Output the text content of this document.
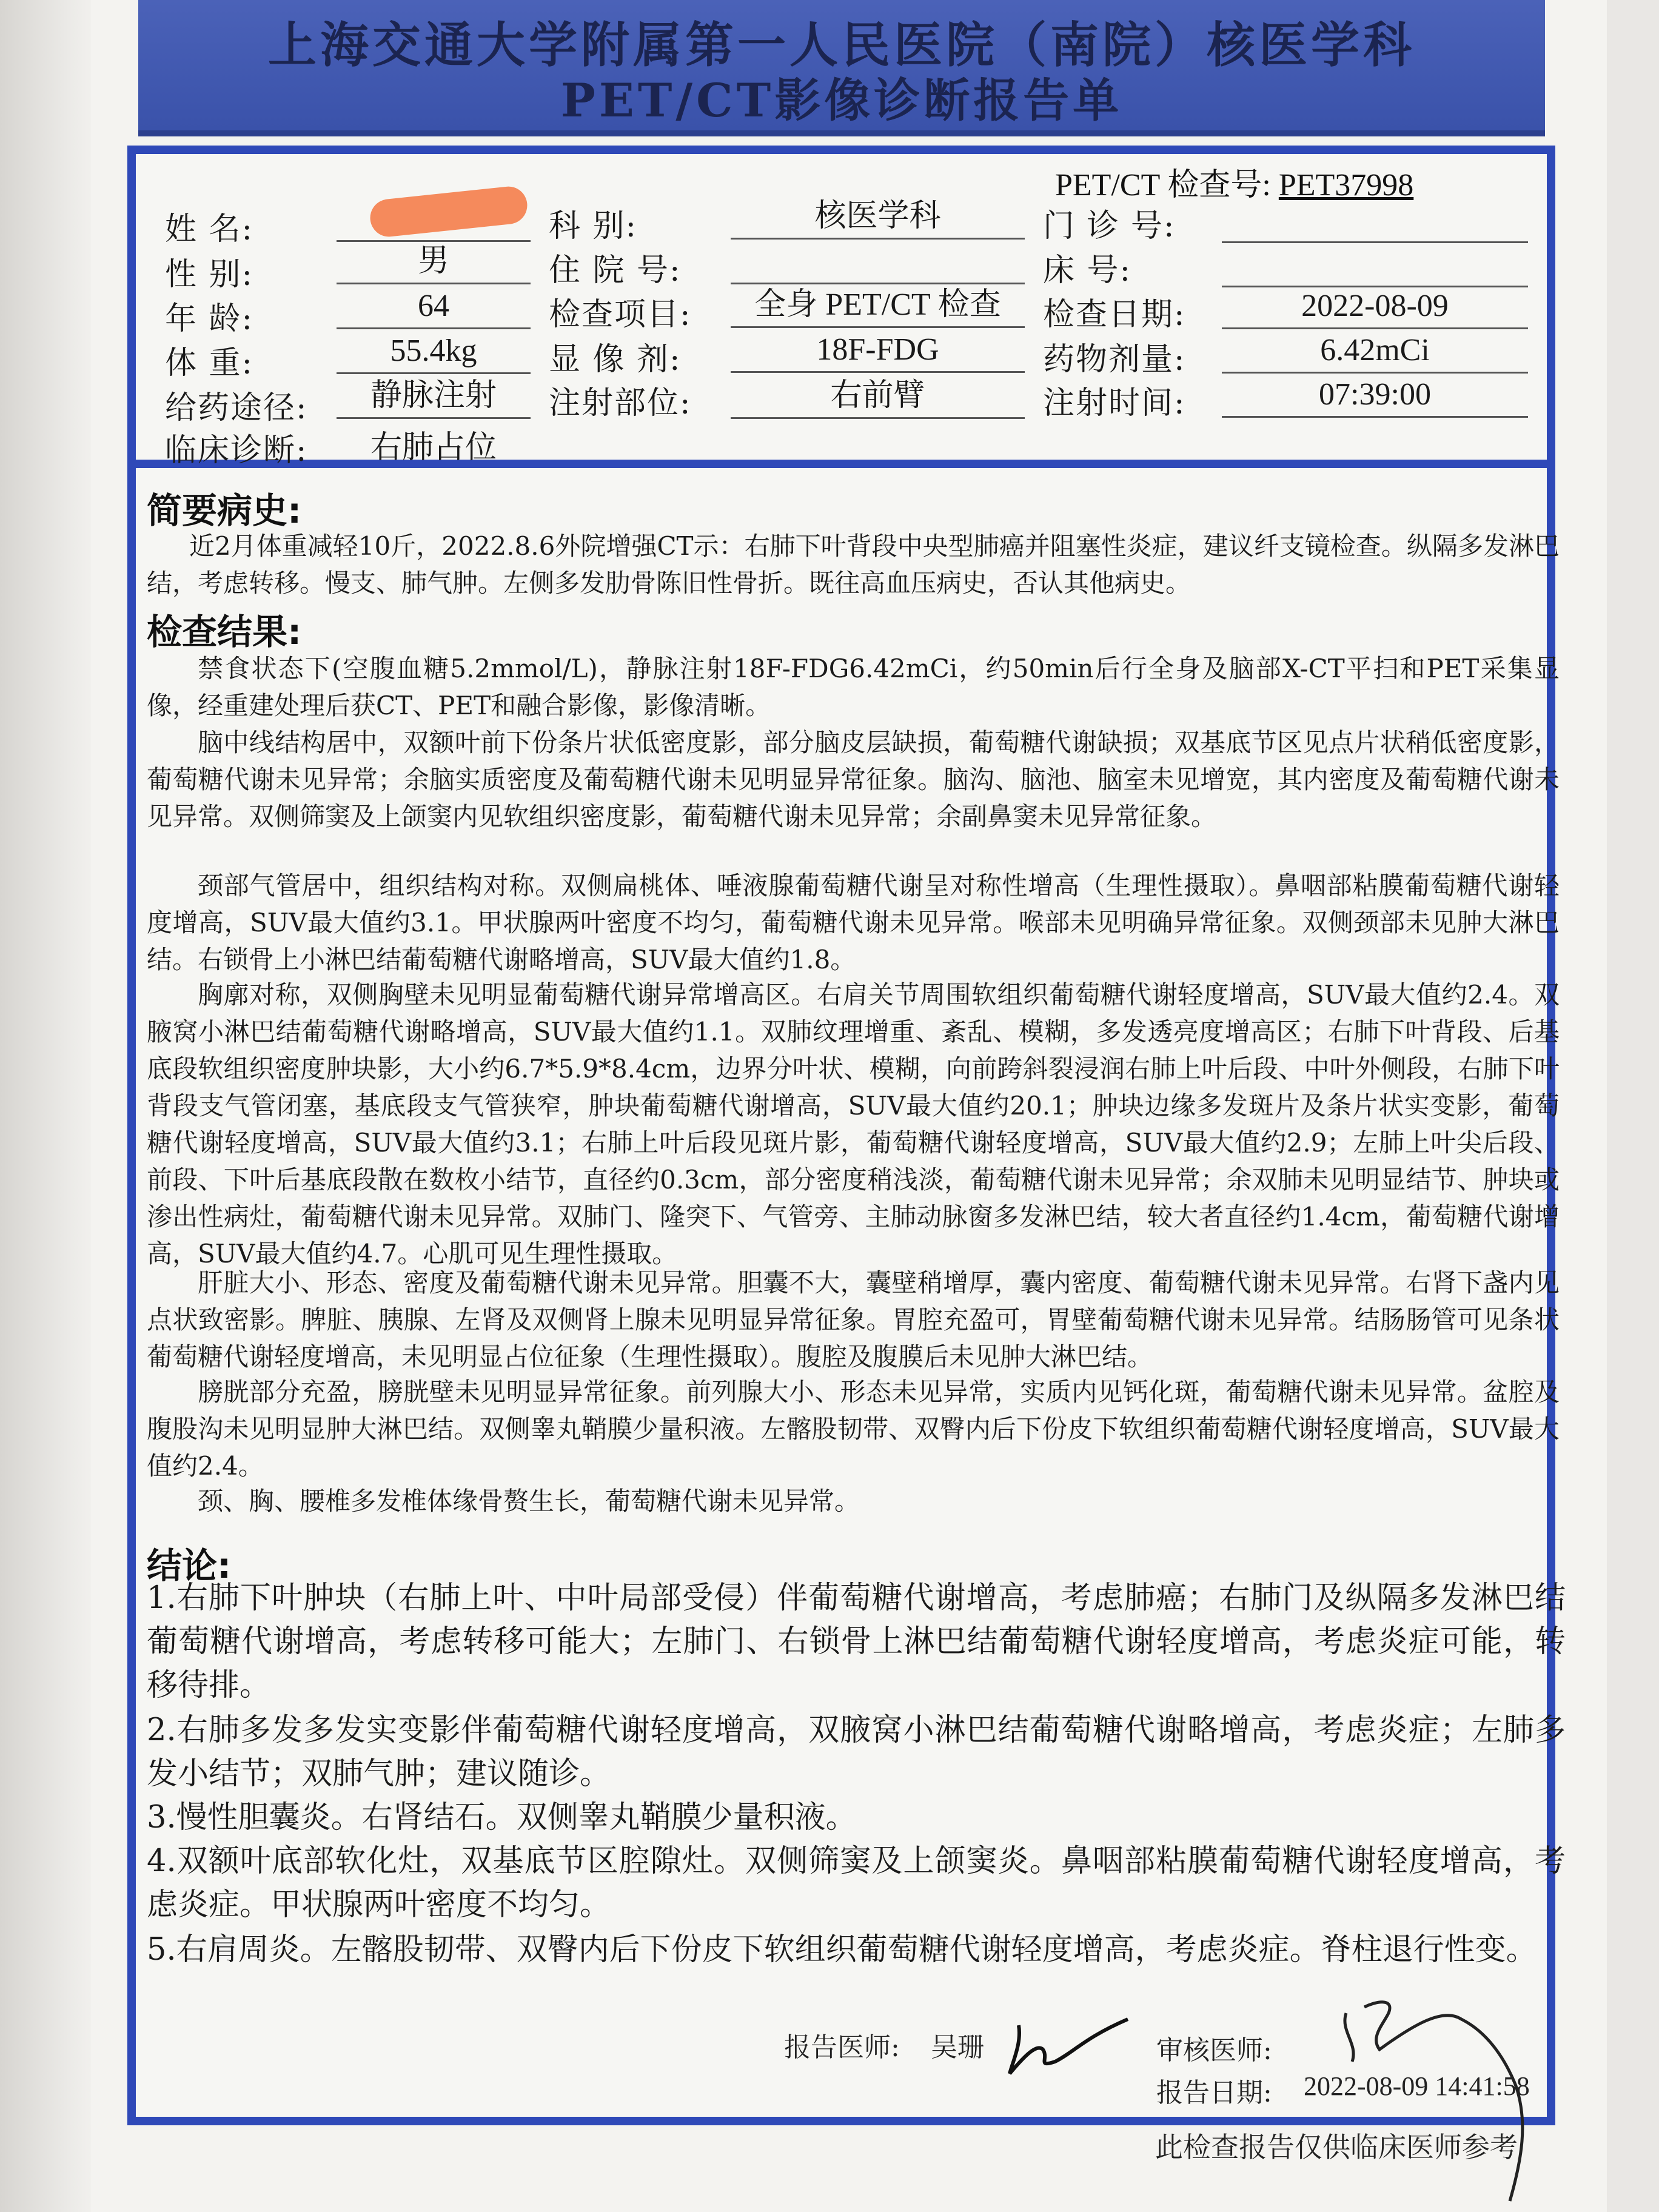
上海交通大学附属第一人民医院（南院）核医学科
PET/CT影像诊断报告单
PET/CT 检查号: PET37998
姓 名:	科 别:	核医学科	门 诊 号:
性 别:	男	住 院 号:	床 号:
年 龄:	64	检查项目:	全身 PET/CT 检查	检查日期:	2022-08-09
体 重:	55.4kg	显 像 剂:	18F-FDG	药物剂量:	6.42mCi
给药途径:	静脉注射	注射部位:	右前臂	注射时间:	07:39:00
临床诊断:	右肺占位
简要病史:
近2月体重减轻10斤，2022.8.6外院增强CT示：右肺下叶背段中央型肺癌并阻塞性炎症，建议纤支镜检查。纵隔多发淋巴结，考虑转移。慢支、肺气肿。左侧多发肋骨陈旧性骨折。既往高血压病史，否认其他病史。
检查结果:
禁食状态下(空腹血糖5.2mmol/L)，静脉注射18F-FDG6.42mCi，约50min后行全身及脑部X-CT平扫和PET采集显像，经重建处理后获CT、PET和融合影像，影像清晰。
脑中线结构居中，双额叶前下份条片状低密度影，部分脑皮层缺损，葡萄糖代谢缺损；双基底节区见点片状稍低密度影，葡萄糖代谢未见异常；余脑实质密度及葡萄糖代谢未见明显异常征象。脑沟、脑池、脑室未见增宽，其内密度及葡萄糖代谢未见异常。双侧筛窦及上颌窦内见软组织密度影，葡萄糖代谢未见异常；余副鼻窦未见异常征象。
颈部气管居中，组织结构对称。双侧扁桃体、唾液腺葡萄糖代谢呈对称性增高（生理性摄取）。鼻咽部粘膜葡萄糖代谢轻度增高，SUV最大值约3.1。甲状腺两叶密度不均匀，葡萄糖代谢未见异常。喉部未见明确异常征象。双侧颈部未见肿大淋巴结。右锁骨上小淋巴结葡萄糖代谢略增高，SUV最大值约1.8。
胸廓对称，双侧胸壁未见明显葡萄糖代谢异常增高区。右肩关节周围软组织葡萄糖代谢轻度增高，SUV最大值约2.4。双腋窝小淋巴结葡萄糖代谢略增高，SUV最大值约1.1。双肺纹理增重、紊乱、模糊，多发透亮度增高区；右肺下叶背段、后基底段软组织密度肿块影，大小约6.7*5.9*8.4cm，边界分叶状、模糊，向前跨斜裂浸润右肺上叶后段、中叶外侧段，右肺下叶背段支气管闭塞，基底段支气管狭窄，肿块葡萄糖代谢增高，SUV最大值约20.1；肿块边缘多发斑片及条片状实变影，葡萄糖代谢轻度增高，SUV最大值约3.1；右肺上叶后段见斑片影，葡萄糖代谢轻度增高，SUV最大值约2.9；左肺上叶尖后段、前段、下叶后基底段散在数枚小结节，直径约0.3cm，部分密度稍浅淡，葡萄糖代谢未见异常；余双肺未见明显结节、肿块或渗出性病灶，葡萄糖代谢未见异常。双肺门、隆突下、气管旁、主肺动脉窗多发淋巴结，较大者直径约1.4cm，葡萄糖代谢增高，SUV最大值约4.7。心肌可见生理性摄取。
肝脏大小、形态、密度及葡萄糖代谢未见异常。胆囊不大，囊壁稍增厚，囊内密度、葡萄糖代谢未见异常。右肾下盏内见点状致密影。脾脏、胰腺、左肾及双侧肾上腺未见明显异常征象。胃腔充盈可，胃壁葡萄糖代谢未见异常。结肠肠管可见条状葡萄糖代谢轻度增高，未见明显占位征象（生理性摄取）。腹腔及腹膜后未见肿大淋巴结。
膀胱部分充盈，膀胱壁未见明显异常征象。前列腺大小、形态未见异常，实质内见钙化斑，葡萄糖代谢未见异常。盆腔及腹股沟未见明显肿大淋巴结。双侧睾丸鞘膜少量积液。左髂股韧带、双臀内后下份皮下软组织葡萄糖代谢轻度增高，SUV最大值约2.4。
颈、胸、腰椎多发椎体缘骨赘生长，葡萄糖代谢未见异常。
结论:
1.右肺下叶肿块（右肺上叶、中叶局部受侵）伴葡萄糖代谢增高，考虑肺癌；右肺门及纵隔多发淋巴结葡萄糖代谢增高，考虑转移可能大；左肺门、右锁骨上淋巴结葡萄糖代谢轻度增高，考虑炎症可能，转移待排。
2.右肺多发多发实变影伴葡萄糖代谢轻度增高，双腋窝小淋巴结葡萄糖代谢略增高，考虑炎症；左肺多发小结节；双肺气肿；建议随诊。
3.慢性胆囊炎。右肾结石。双侧睾丸鞘膜少量积液。
4.双额叶底部软化灶，双基底节区腔隙灶。双侧筛窦及上颌窦炎。鼻咽部粘膜葡萄糖代谢轻度增高，考虑炎症。甲状腺两叶密度不均匀。
5.右肩周炎。左髂股韧带、双臀内后下份皮下软组织葡萄糖代谢轻度增高，考虑炎症。脊柱退行性变。
报告医师: 吴珊	审核医师:
报告日期: 2022-08-09 14:41:58
此检查报告仅供临床医师参考
